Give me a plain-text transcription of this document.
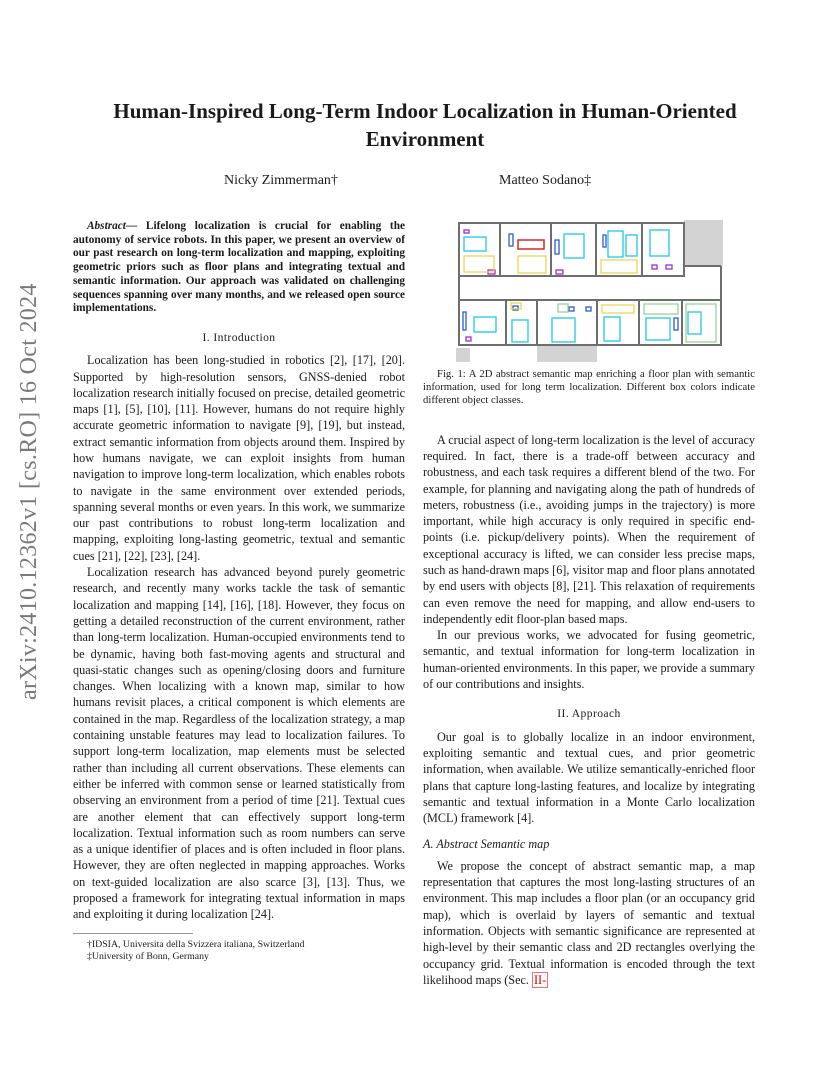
arXiv:2410.12362v1 [cs.RO] 16 Oct 2024
Human-Inspired Long-Term Indoor Localization in Human-Oriented Environment
Nicky Zimmerman†	Matteo Sodano‡

Abstract— Lifelong localization is crucial for enabling the autonomy of service robots. In this paper, we present an overview of our past research on long-term localization and mapping, exploiting geometric priors such as floor plans and integrating textual and semantic information. Our approach was validated on challenging sequences spanning over many months, and we released open source implementations.

I. Introduction

Localization has been long-studied in robotics [2], [17], [20]. Supported by high-resolution sensors, GNSS-denied robot localization research initially focused on precise, detailed geometric maps [1], [5], [10], [11]. However, humans do not require highly accurate geometric information to navigate [9], [19], but instead, extract semantic information from objects around them. Inspired by how humans navigate, we can exploit insights from human navigation to improve long-term localization, which enables robots to navigate in the same environment over extended periods, spanning several months or even years. In this work, we summarize our past contributions to robust long-term localization and mapping, exploiting long-lasting geometric, textual and semantic cues [21], [22], [23], [24].

Localization research has advanced beyond purely geometric research, and recently many works tackle the task of semantic localization and mapping [14], [16], [18]. However, they focus on getting a detailed reconstruction of the current environment, rather than long-term localization. Human-occupied environments tend to be dynamic, having both fast-moving agents and structural and quasi-static changes such as opening/closing doors and furniture changes. When localizing with a known map, similar to how humans revisit places, a critical component is which elements are contained in the map. Regardless of the localization strategy, a map containing unstable features may lead to localization failures. To support long-term localization, map elements must be selected rather than including all current observations. These elements can either be inferred with common sense or learned statistically from observing an environment from a period of time [21]. Textual cues are another element that can effectively support long-term localization. Textual information such as room numbers can serve as a unique identifier of places and is often included in floor plans. However, they are often neglected in mapping approaches. Works on text-guided localization are also scarce [3], [13]. Thus, we proposed a framework for integrating textual information in maps and exploiting it during localization [24].

†IDSIA, Universita della Svizzera italiana, Switzerland

‡University of Bonn, Germany

Fig. 1: A 2D abstract semantic map enriching a floor plan with semantic information, used for long term localization. Different box colors indicate different object classes.

A crucial aspect of long-term localization is the level of accuracy required. In fact, there is a trade-off between accuracy and robustness, and each task requires a different blend of the two. For example, for planning and navigating along the path of hundreds of meters, robustness (i.e., avoiding jumps in the trajectory) is more important, while high accuracy is only required in specific end-points (i.e. pickup/delivery points). When the requirement of exceptional accuracy is lifted, we can consider less precise maps, such as hand-drawn maps [6], visitor map and floor plans annotated by end users with objects [8], [21]. This relaxation of requirements can even remove the need for mapping, and allow end-users to independently edit floor-plan based maps.

In our previous works, we advocated for fusing geometric, semantic, and textual information for long-term localization in human-oriented environments. In this paper, we provide a summary of our contributions and insights.

II. Approach

Our goal is to globally localize in an indoor environment, exploiting semantic and textual cues, and prior geometric information, when available. We utilize semantically-enriched floor plans that capture long-lasting features, and localize by integrating semantic and textual information in a Monte Carlo localization (MCL) framework [4].

A. Abstract Semantic map

We propose the concept of abstract semantic map, a map representation that captures the most long-lasting structures of an environment. This map includes a floor plan (or an occupancy grid map), which is overlaid by layers of semantic and textual information. Objects with semantic significance are represented at high-level by their semantic class and 2D rectangles overlying the occupancy grid. Textual information is encoded through the text likelihood maps (Sec. II-
